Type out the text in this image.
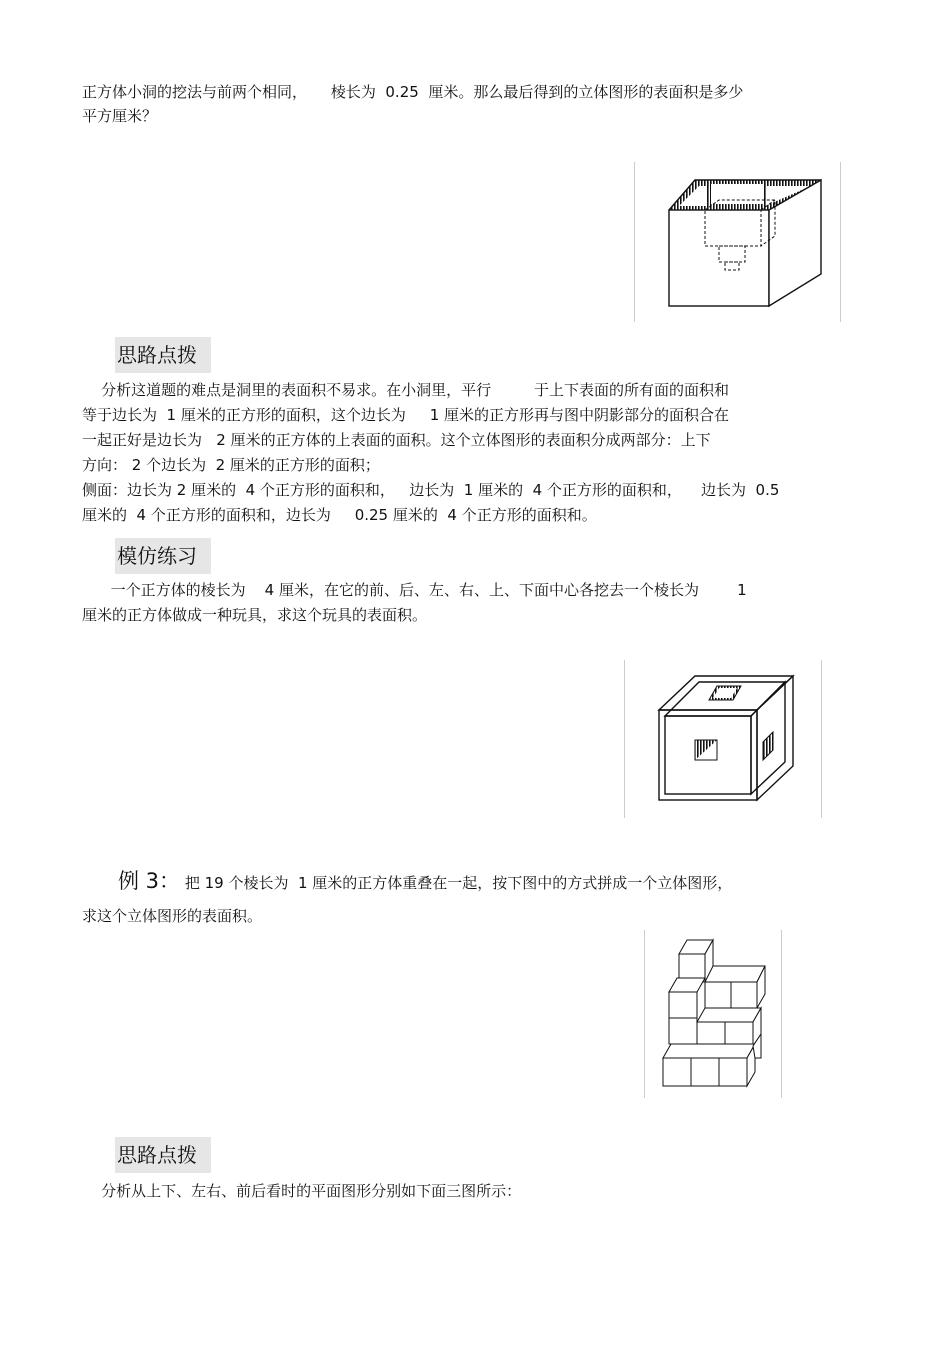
正方体小洞的挖法与前两个相同，     棱长为  0.25  厘米。那么最后得到的立体图形的表面积是多少
平方厘米？
思路点拨
分析这道题的难点是洞里的表面积不易求。在小洞里，平行         于上下表面的所有面的面积和
等于边长为  1 厘米的正方形的面积，这个边长为     1 厘米的正方形再与图中阴影部分的面积合在
一起正好是边长为   2 厘米的正方体的上表面的面积。这个立体图形的表面积分成两部分：上下
方向： 2 个边长为  2 厘米的正方形的面积；
侧面：边长为 2 厘米的  4 个正方形的面积和，   边长为  1 厘米的  4 个正方形的面积和，    边长为  0.5
厘米的  4 个正方形的面积和，边长为     0.25 厘米的  4 个正方形的面积和。
模仿练习
一个正方体的棱长为    4 厘米，在它的前、后、左、右、上、下面中心各挖去一个棱长为        1
厘米的正方体做成一种玩具，求这个玩具的表面积。
例 3： 把 19 个棱长为  1 厘米的正方体重叠在一起，按下图中的方式拼成一个立体图形，
求这个立体图形的表面积。
思路点拨
分析从上下、左右、前后看时的平面图形分别如下面三图所示：
